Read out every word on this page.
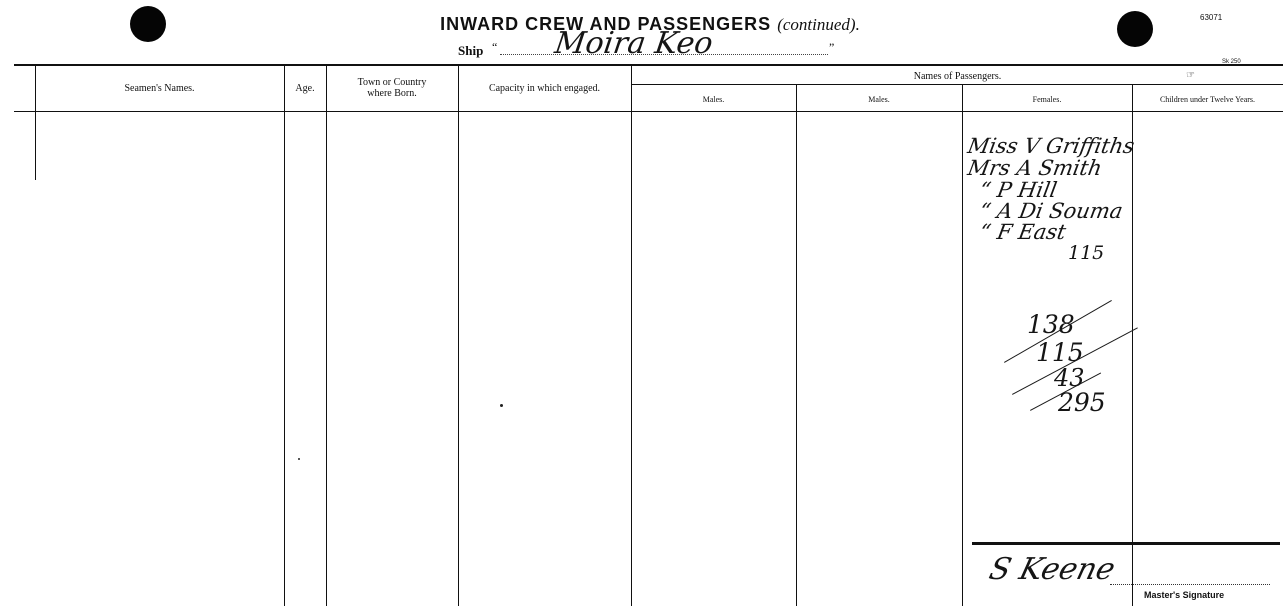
INWARD CREW AND PASSENGERS (continued).	63071
Ship “	”
Moira Keo
Sk 250
☞
Seamen's Names.	Age.
Town or Country
where Born.	Capacity in which engaged.
Names of Passengers.
Males.	Males.	Females.	Children under Twelve Years.
Miss V Griffiths
Mrs A Smith
“ P Hill
“ A Di Souma
“ F East
115
138
115
43
295
S Keene
Master's Signature
